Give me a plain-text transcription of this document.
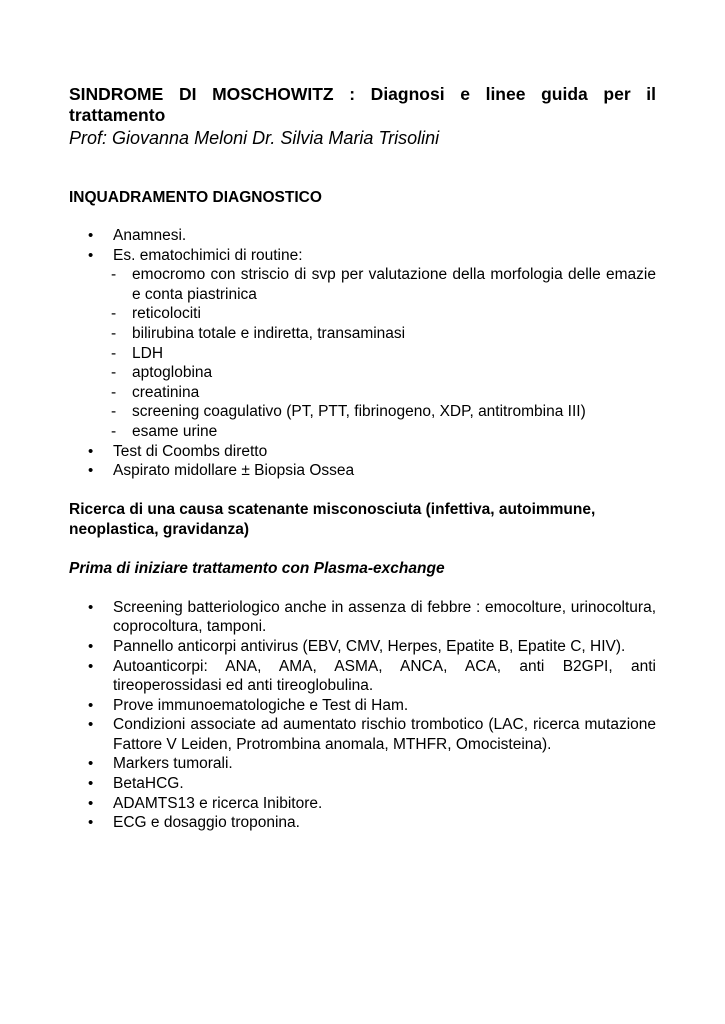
SINDROME DI MOSCHOWITZ : Diagnosi e linee guida per il trattamento

Prof: Giovanna Meloni Dr. Silvia Maria Trisolini

INQUADRAMENTO DIAGNOSTICO

• Anamnesi.
• Es. ematochimici di routine:
- emocromo con striscio di svp per valutazione della morfologia delle emazie e conta piastrinica
- reticolociti
- bilirubina totale e indiretta, transaminasi
- LDH
- aptoglobina
- creatinina
- screening coagulativo (PT, PTT, fibrinogeno, XDP, antitrombina III)
- esame urine
• Test di Coombs diretto
• Aspirato midollare ± Biopsia Ossea

Ricerca di una causa scatenante misconosciuta (infettiva, autoimmune, neoplastica, gravidanza)

Prima di iniziare trattamento con Plasma-exchange

• Screening batteriologico anche in assenza di febbre : emocolture, urinocoltura, coprocoltura, tamponi.
• Pannello anticorpi antivirus (EBV, CMV, Herpes, Epatite B, Epatite C, HIV).
• Autoanticorpi: ANA, AMA, ASMA, ANCA, ACA, anti B2GPI, anti tireoperossidasi ed anti tireoglobulina.
• Prove immunoematologiche e Test di Ham.
• Condizioni associate ad aumentato rischio trombotico (LAC, ricerca mutazione Fattore V Leiden, Protrombina anomala, MTHFR, Omocisteina).
• Markers tumorali.
• BetaHCG.
• ADAMTS13 e ricerca Inibitore.
• ECG e dosaggio troponina.
